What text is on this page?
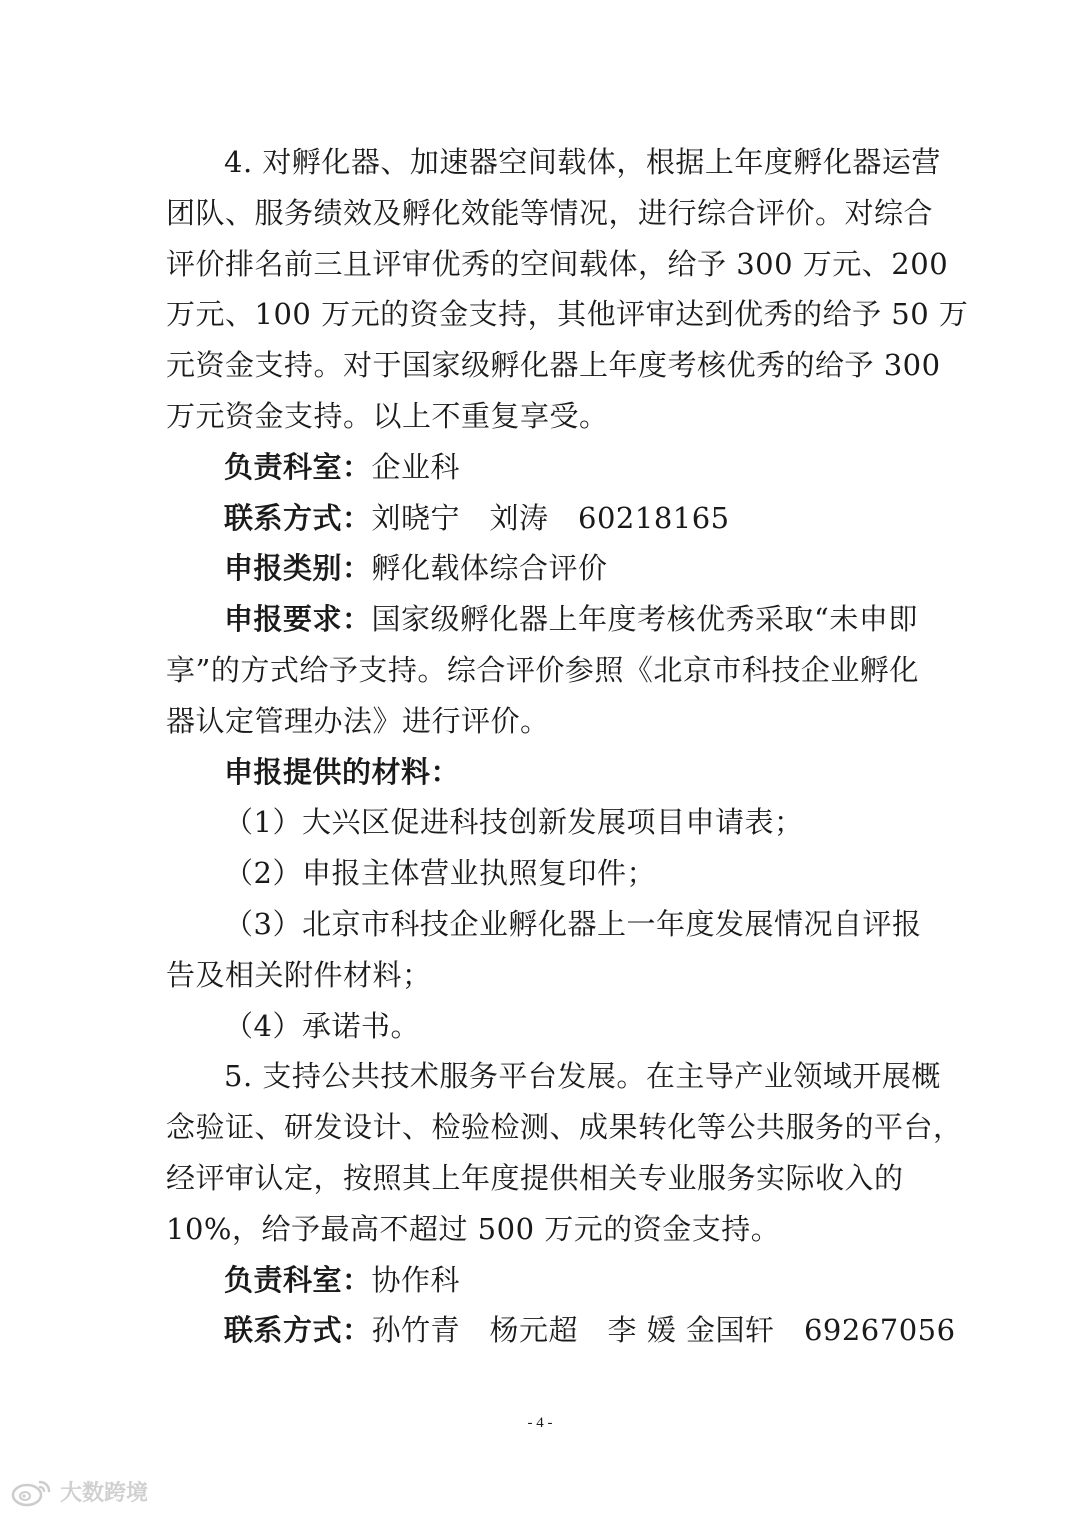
4. 对孵化器、加速器空间载体，根据上年度孵化器运营
团队、服务绩效及孵化效能等情况，进行综合评价。对综合
评价排名前三且评审优秀的空间载体，给予 300 万元、200
万元、100 万元的资金支持，其他评审达到优秀的给予 50 万
元资金支持。对于国家级孵化器上年度考核优秀的给予 300
万元资金支持。以上不重复享受。
负责科室：企业科
联系方式：刘晓宁　刘涛　60218165
申报类别：孵化载体综合评价
申报要求：国家级孵化器上年度考核优秀采取“未申即
享”的方式给予支持。综合评价参照《北京市科技企业孵化
器认定管理办法》进行评价。
申报提供的材料：
（1）大兴区促进科技创新发展项目申请表；
（2）申报主体营业执照复印件；
（3）北京市科技企业孵化器上一年度发展情况自评报
告及相关附件材料；
（4）承诺书。
5. 支持公共技术服务平台发展。在主导产业领域开展概
念验证、研发设计、检验检测、成果转化等公共服务的平台，
经评审认定，按照其上年度提供相关专业服务实际收入的
10%，给予最高不超过 500 万元的资金支持。
负责科室：协作科
联系方式：孙竹青　杨元超　李 媛 金国轩　69267056
- 4 -
大数跨境
